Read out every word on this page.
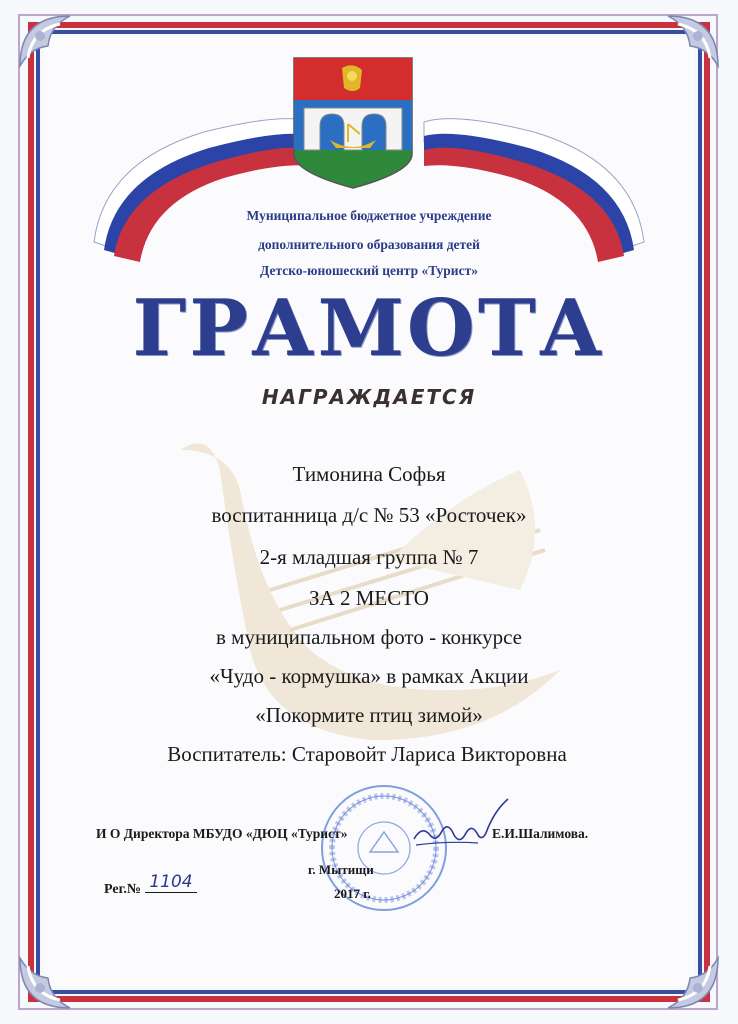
Муниципальное бюджетное учреждение
дополнительного образования детей
Детско-юношеский центр «Турист»
ГРАМОТА
НАГРАЖДАЕТСЯ
Тимонина Софья
воспитанница д/с № 53 «Росточек»
2-я младшая группа № 7
ЗА 2 МЕСТО
в муниципальном фото - конкурсе
«Чудо - кормушка» в рамках Акции
«Покормите птиц зимой»
Воспитатель: Старовойт Лариса Викторовна
И О Директора МБУДО «ДЮЦ «Турист»	Е.И.Шалимова.
г. Мытищи
2017 г.
Рег.№ 1104
